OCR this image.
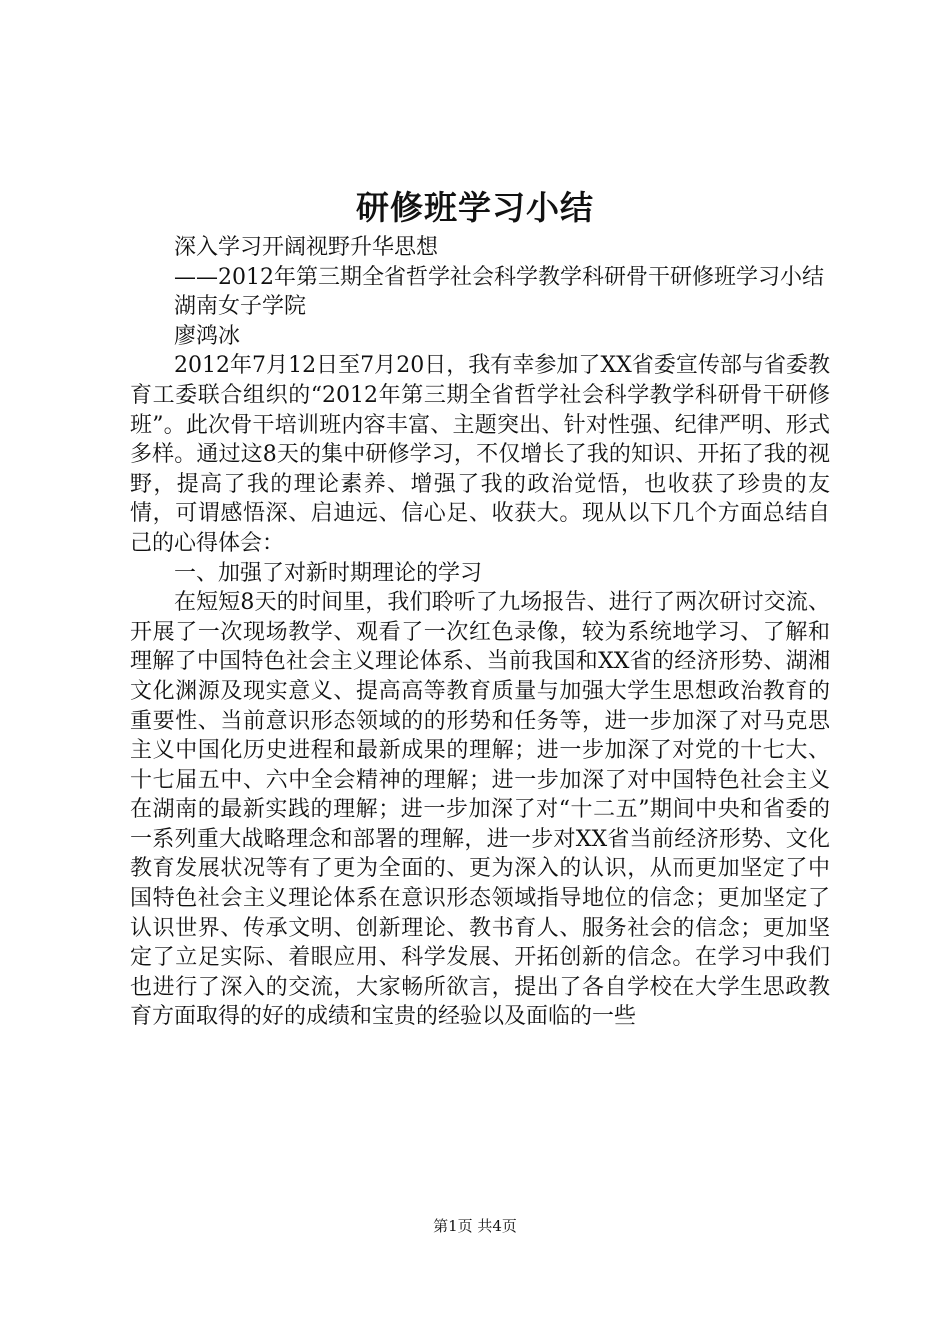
研修班学习小结

深入学习开阔视野升华思想

——2012年第三期全省哲学社会科学教学科研骨干研修班学习小结

湖南女子学院

廖鸿冰

2012年7月12日至7月20日，我有幸参加了XX省委宣传部与省委教育工委联合组织的“2012年第三期全省哲学社会科学教学科研骨干研修班”。此次骨干培训班内容丰富、主题突出、针对性强、纪律严明、形式多样。通过这8天的集中研修学习，不仅增长了我的知识、开拓了我的视野，提高了我的理论素养、增强了我的政治觉悟，也收获了珍贵的友情，可谓感悟深、启迪远、信心足、收获大。现从以下几个方面总结自己的心得体会：

一、加强了对新时期理论的学习

在短短8天的时间里，我们聆听了九场报告、进行了两次研讨交流、开展了一次现场教学、观看了一次红色录像，较为系统地学习、了解和理解了中国特色社会主义理论体系、当前我国和XX省的经济形势、湖湘文化渊源及现实意义、提高高等教育质量与加强大学生思想政治教育的重要性、当前意识形态领域的的形势和任务等，进一步加深了对马克思主义中国化历史进程和最新成果的理解；进一步加深了对党的十七大、十七届五中、六中全会精神的理解；进一步加深了对中国特色社会主义在湖南的最新实践的理解；进一步加深了对“十二五”期间中央和省委的一系列重大战略理念和部署的理解，进一步对XX省当前经济形势、文化教育发展状况等有了更为全面的、更为深入的认识，从而更加坚定了中国特色社会主义理论体系在意识形态领域指导地位的信念；更加坚定了认识世界、传承文明、创新理论、教书育人、服务社会的信念；更加坚定了立足实际、着眼应用、科学发展、开拓创新的信念。在学习中我们也进行了深入的交流，大家畅所欲言，提出了各自学校在大学生思政教育方面取得的好的成绩和宝贵的经验以及面临的一些

第1页 共4页
